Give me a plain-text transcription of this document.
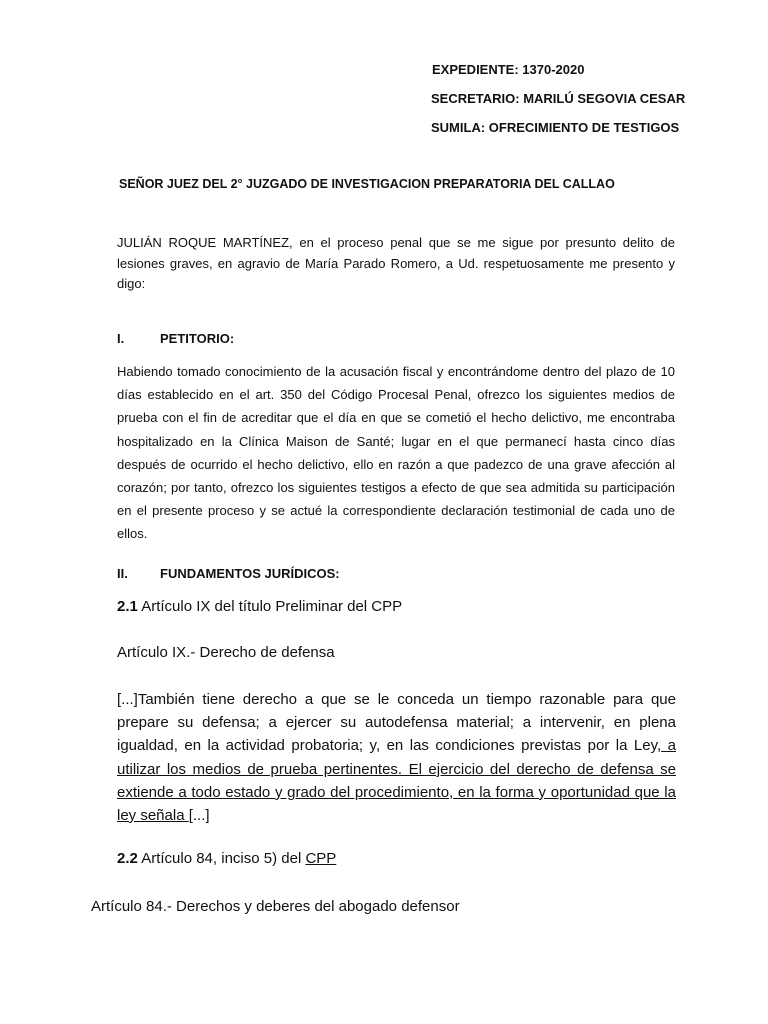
EXPEDIENTE: 1370-2020
SECRETARIO: MARILÚ SEGOVIA CESAR
SUMILA: OFRECIMIENTO DE TESTIGOS
SEÑOR JUEZ DEL 2° JUZGADO DE INVESTIGACION PREPARATORIA DEL CALLAO
JULIÁN ROQUE MARTÍNEZ, en el proceso penal que se me sigue por presunto delito de lesiones graves, en agravio de María Parado Romero, a Ud. respetuosamente me presento y digo:
I.	PETITORIO:
Habiendo tomado conocimiento de la acusación fiscal y encontrándome dentro del plazo de 10 días establecido en el art. 350 del Código Procesal Penal, ofrezco los siguientes medios de prueba con el fin de acreditar que el día en que se cometió el hecho delictivo, me encontraba hospitalizado en la Clínica Maison de Santé; lugar en el que permanecí hasta cinco días después de ocurrido el hecho delictivo, ello en razón a que padezco de una grave afección al corazón; por tanto, ofrezco los siguientes testigos a efecto de que sea admitida su participación en el presente proceso y se actué la correspondiente declaración testimonial de cada uno de ellos.
II. FUNDAMENTOS JURÍDICOS:
2.1 Artículo IX del título Preliminar del CPP
Artículo IX.- Derecho de defensa
[...]También tiene derecho a que se le conceda un tiempo razonable para que prepare su defensa; a ejercer su autodefensa material; a intervenir, en plena igualdad, en la actividad probatoria; y, en las condiciones previstas por la Ley, a utilizar los medios de prueba pertinentes. El ejercicio del derecho de defensa se extiende a todo estado y grado del procedimiento, en la forma y oportunidad que la ley señala [...]
2.2 Artículo 84, inciso 5) del CPP
Artículo 84.- Derechos y deberes del abogado defensor
